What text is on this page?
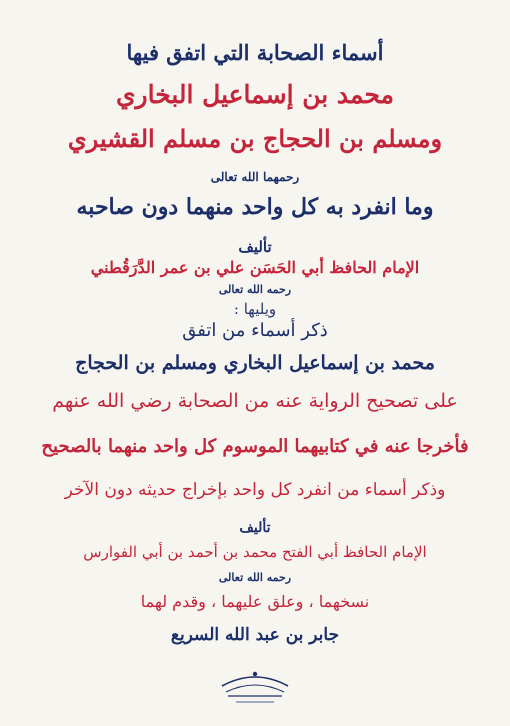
أسماء الصحابة التي اتفق فيها
محمد بن إسماعيل البخاري
ومسلم بن الحجاج بن مسلم القشيري
رحمهما الله تعالى
وما انفرد به كل واحد منهما دون صاحبه
تأليف
الإمام الحافظ أبي الحَسَن علي بن عمر الدَّرَقُطني
رحمه الله تعالى
ويليها :
ذكر أسماء من اتفق
محمد بن إسماعيل البخاري ومسلم بن الحجاج
على تصحيح الرواية عنه من الصحابة رضي الله عنهم
فأخرجا عنه في كتابيهما الموسوم كل واحد منهما بالصحيح
وذكر أسماء من انفرد كل واحد بإخراج حديثه دون الآخر
تأليف
الإمام الحافظ أبي الفتح محمد بن أحمد بن أبي الفوارس
رحمه الله تعالى
نسخهما ، وعلق عليهما ، وقدم لهما
جابر بن عبد الله السريع
